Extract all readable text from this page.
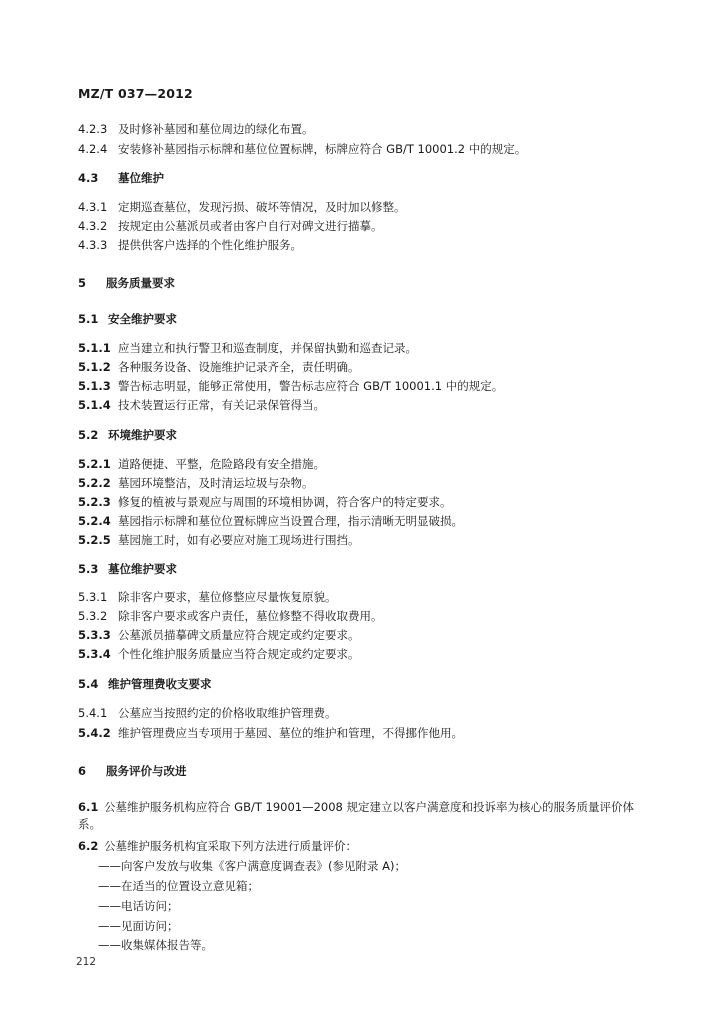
MZ/T 037—2012
4.2.3 及时修补墓园和墓位周边的绿化布置。
4.2.4 安装修补墓园指示标牌和墓位位置标牌，标牌应符合 GB/T 10001.2 中的规定。
4.3 墓位维护
4.3.1 定期巡查墓位，发现污损、破坏等情况，及时加以修整。
4.3.2 按规定由公墓派员或者由客户自行对碑文进行描摹。
4.3.3 提供供客户选择的个性化维护服务。
5 服务质量要求
5.1 安全维护要求
5.1.1 应当建立和执行警卫和巡查制度，并保留执勤和巡查记录。
5.1.2 各种服务设备、设施维护记录齐全，责任明确。
5.1.3 警告标志明显，能够正常使用，警告标志应符合 GB/T 10001.1 中的规定。
5.1.4 技术装置运行正常，有关记录保管得当。
5.2 环境维护要求
5.2.1 道路便捷、平整，危险路段有安全措施。
5.2.2 墓园环境整洁，及时清运垃圾与杂物。
5.2.3 修复的植被与景观应与周围的环境相协调，符合客户的特定要求。
5.2.4 墓园指示标牌和墓位位置标牌应当设置合理，指示清晰无明显破损。
5.2.5 墓园施工时，如有必要应对施工现场进行围挡。
5.3 墓位维护要求
5.3.1 除非客户要求，墓位修整应尽量恢复原貌。
5.3.2 除非客户要求或客户责任，墓位修整不得收取费用。
5.3.3 公墓派员描摹碑文质量应符合规定或约定要求。
5.3.4 个性化维护服务质量应当符合规定或约定要求。
5.4 维护管理费收支要求
5.4.1 公墓应当按照约定的价格收取维护管理费。
5.4.2 维护管理费应当专项用于墓园、墓位的维护和管理，不得挪作他用。
6 服务评价与改进
6.1 公墓维护服务机构应符合 GB/T 19001—2008 规定建立以客户满意度和投诉率为核心的服务质量评价体系。
6.2 公墓维护服务机构宜采取下列方法进行质量评价：
——向客户发放与收集《客户满意度调查表》(参见附录 A)；
——在适当的位置设立意见箱；
——电话访问；
——见面访问；
——收集媒体报告等。
212
